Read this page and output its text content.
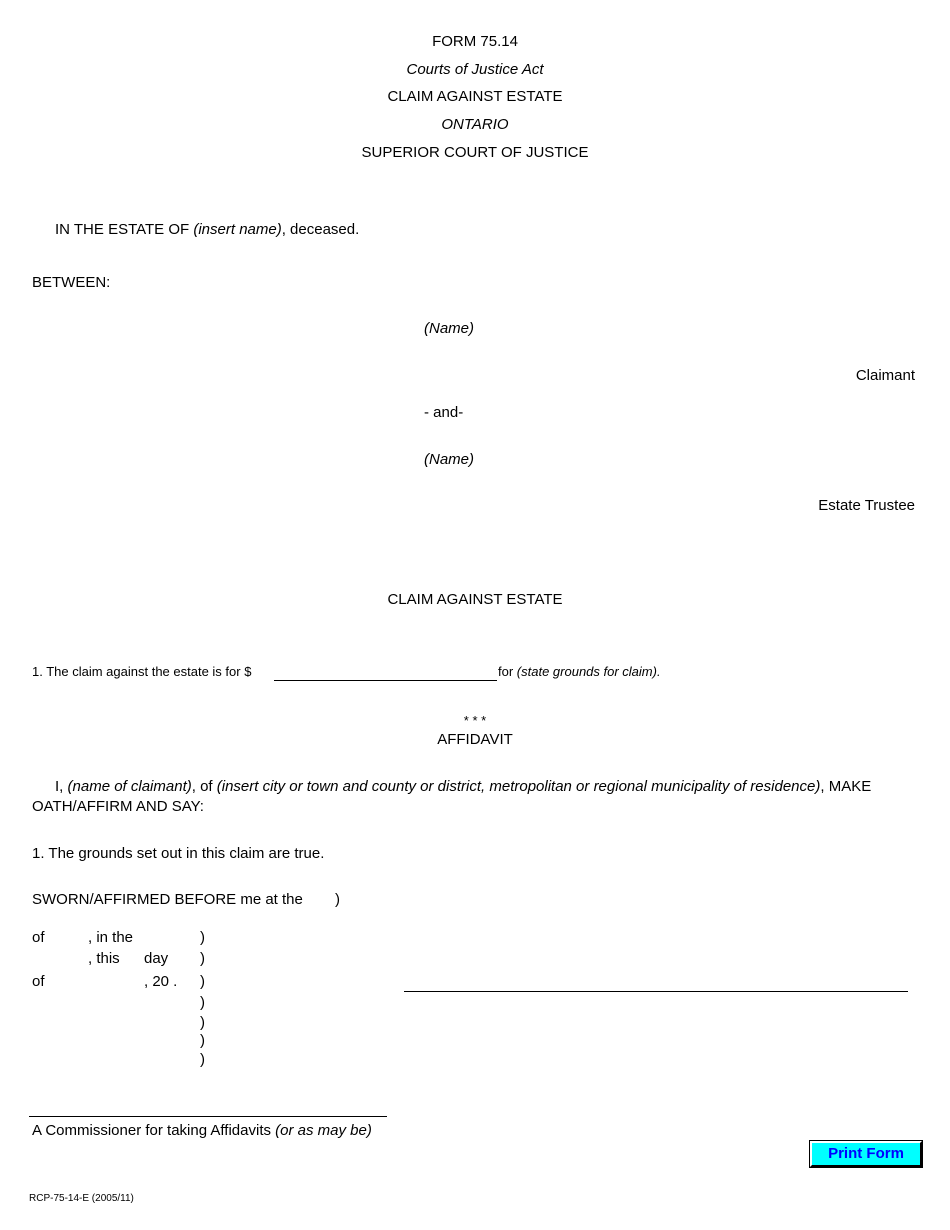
FORM 75.14
Courts of Justice Act
CLAIM AGAINST ESTATE
ONTARIO
SUPERIOR COURT OF JUSTICE
IN THE ESTATE OF (insert name), deceased.
BETWEEN:
(Name)
Claimant
- and-
(Name)
Estate Trustee
CLAIM AGAINST ESTATE
1. The claim against the estate is for $	for (state grounds for claim).
* * *
AFFIDAVIT
I, (name of claimant), of (insert city or town and county or district, metropolitan or regional municipality of residence), MAKE
OATH/AFFIRM AND SAY:
1. The grounds set out in this claim are true.
SWORN/AFFIRMED BEFORE me at the )
of	, in the	)
, this day )
of	, 20 . )
)
)
)
)
A Commissioner for taking Affidavits (or as may be)
Print Form
RCP-75-14-E (2005/11)
